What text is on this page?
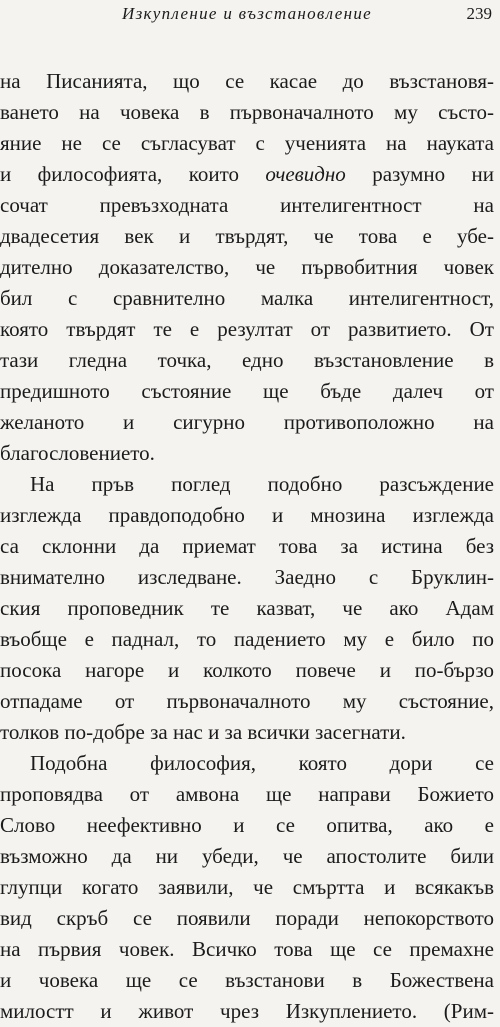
Изкупление и възстановление	239
на Писанията, що се касае до възстановя-
ването на човека в първоначалното му състо-
яние не се съгласуват с ученията на науката
и философията, които очевидно разумно ни
сочат превъзходната интелигентност на
двадесетия век и твърдят, че това е убе-
дително доказателство, че първобитния човек
бил с сравнително малка интелигентност,
която твърдят те е резултат от развитието. От
тази гледна точка, едно възстановление в
предишното състояние ще бъде далеч от
желаното и сигурно противоположно на
благословението.
На пръв поглед подобно разсъждение
изглежда правдоподобно и мнозина изглежда
са склонни да приемат това за истина без
внимателно изследване. Заедно с Бруклин-
ския проповедник те казват, че ако Адам
въобще е паднал, то падението му е било по
посока нагоре и колкото повече и по-бързо
отпадаме от първоначалното му състояние,
толков по-добре за нас и за всички засегнати.
Подобна философия, която дори се
проповядва от амвона ще направи Божието
Слово неефективно и се опитва, ако е
възможно да ни убеди, че апостолите били
глупци когато заявили, че смъртта и всякакъв
вид скръб се появили поради непокорството
на първия човек. Всичко това ще се премахне
и човека ще се възстанови в Божествена
милостт и живот чрез Изкуплението. (Рим-
